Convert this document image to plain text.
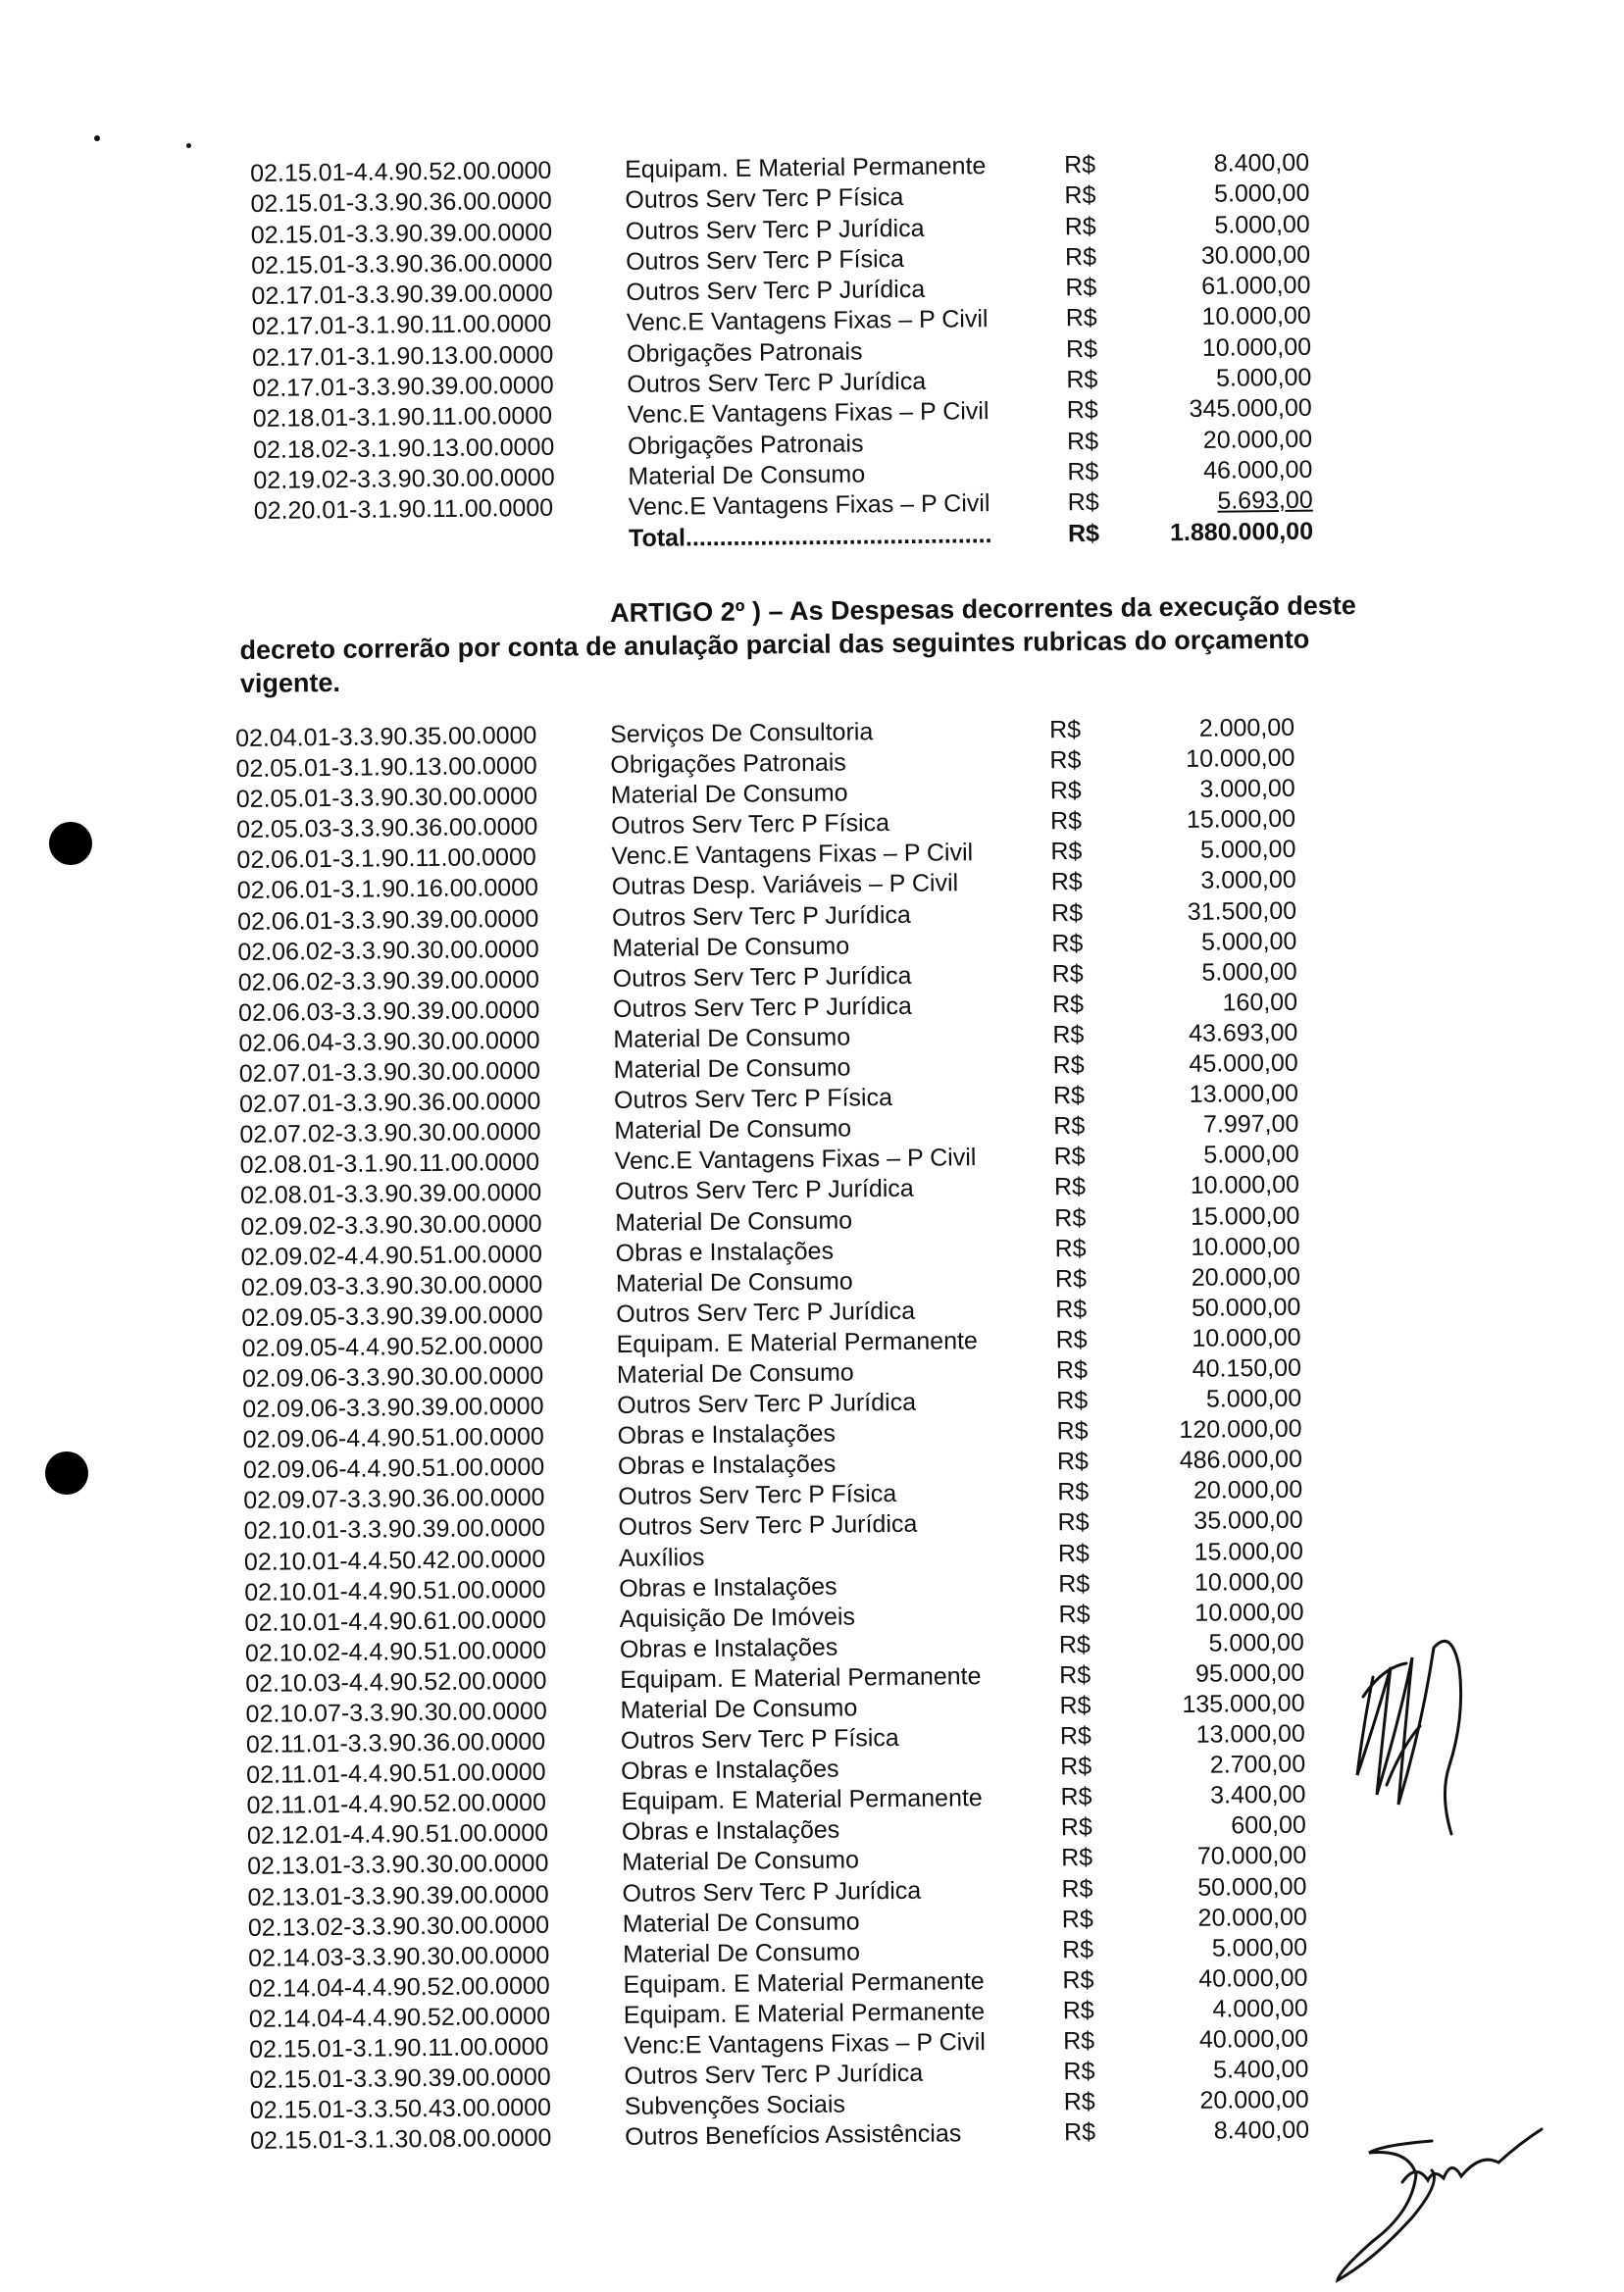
02.15.01-4.4.90.52.00.0000	Equipam. E Material Permanente	R$	8.400,00
02.15.01-3.3.90.36.00.0000	Outros Serv Terc P Física	R$	5.000,00
02.15.01-3.3.90.39.00.0000	Outros Serv Terc P Jurídica	R$	5.000,00
02.15.01-3.3.90.36.00.0000	Outros Serv Terc P Física	R$	30.000,00
02.17.01-3.3.90.39.00.0000	Outros Serv Terc P Jurídica	R$	61.000,00
02.17.01-3.1.90.11.00.0000	Venc.E Vantagens Fixas – P Civil	R$	10.000,00
02.17.01-3.1.90.13.00.0000	Obrigações Patronais	R$	10.000,00
02.17.01-3.3.90.39.00.0000	Outros Serv Terc P Jurídica	R$	5.000,00
02.18.01-3.1.90.11.00.0000	Venc.E Vantagens Fixas – P Civil	R$	345.000,00
02.18.02-3.1.90.13.00.0000	Obrigações Patronais	R$	20.000,00
02.19.02-3.3.90.30.00.0000	Material De Consumo	R$	46.000,00
02.20.01-3.1.90.11.00.0000	Venc.E Vantagens Fixas – P Civil	R$	5.693,00
Total.............................................	R$	1.880.000,00
ARTIGO 2º ) – As Despesas decorrentes da execução deste
decreto correrão por conta de anulação parcial das seguintes rubricas do orçamento
vigente.
02.04.01-3.3.90.35.00.0000	Serviços De Consultoria	R$	2.000,00
02.05.01-3.1.90.13.00.0000	Obrigações Patronais	R$	10.000,00
02.05.01-3.3.90.30.00.0000	Material De Consumo	R$	3.000,00
02.05.03-3.3.90.36.00.0000	Outros Serv Terc P Física	R$	15.000,00
02.06.01-3.1.90.11.00.0000	Venc.E Vantagens Fixas – P Civil	R$	5.000,00
02.06.01-3.1.90.16.00.0000	Outras Desp. Variáveis – P Civil	R$	3.000,00
02.06.01-3.3.90.39.00.0000	Outros Serv Terc P Jurídica	R$	31.500,00
02.06.02-3.3.90.30.00.0000	Material De Consumo	R$	5.000,00
02.06.02-3.3.90.39.00.0000	Outros Serv Terc P Jurídica	R$	5.000,00
02.06.03-3.3.90.39.00.0000	Outros Serv Terc P Jurídica	R$	160,00
02.06.04-3.3.90.30.00.0000	Material De Consumo	R$	43.693,00
02.07.01-3.3.90.30.00.0000	Material De Consumo	R$	45.000,00
02.07.01-3.3.90.36.00.0000	Outros Serv Terc P Física	R$	13.000,00
02.07.02-3.3.90.30.00.0000	Material De Consumo	R$	7.997,00
02.08.01-3.1.90.11.00.0000	Venc.E Vantagens Fixas – P Civil	R$	5.000,00
02.08.01-3.3.90.39.00.0000	Outros Serv Terc P Jurídica	R$	10.000,00
02.09.02-3.3.90.30.00.0000	Material De Consumo	R$	15.000,00
02.09.02-4.4.90.51.00.0000	Obras e Instalações	R$	10.000,00
02.09.03-3.3.90.30.00.0000	Material De Consumo	R$	20.000,00
02.09.05-3.3.90.39.00.0000	Outros Serv Terc P Jurídica	R$	50.000,00
02.09.05-4.4.90.52.00.0000	Equipam. E Material Permanente	R$	10.000,00
02.09.06-3.3.90.30.00.0000	Material De Consumo	R$	40.150,00
02.09.06-3.3.90.39.00.0000	Outros Serv Terc P Jurídica	R$	5.000,00
02.09.06-4.4.90.51.00.0000	Obras e Instalações	R$	120.000,00
02.09.06-4.4.90.51.00.0000	Obras e Instalações	R$	486.000,00
02.09.07-3.3.90.36.00.0000	Outros Serv Terc P Física	R$	20.000,00
02.10.01-3.3.90.39.00.0000	Outros Serv Terc P Jurídica	R$	35.000,00
02.10.01-4.4.50.42.00.0000	Auxílios	R$	15.000,00
02.10.01-4.4.90.51.00.0000	Obras e Instalações	R$	10.000,00
02.10.01-4.4.90.61.00.0000	Aquisição De Imóveis	R$	10.000,00
02.10.02-4.4.90.51.00.0000	Obras e Instalações	R$	5.000,00
02.10.03-4.4.90.52.00.0000	Equipam. E Material Permanente	R$	95.000,00
02.10.07-3.3.90.30.00.0000	Material De Consumo	R$	135.000,00
02.11.01-3.3.90.36.00.0000	Outros Serv Terc P Física	R$	13.000,00
02.11.01-4.4.90.51.00.0000	Obras e Instalações	R$	2.700,00
02.11.01-4.4.90.52.00.0000	Equipam. E Material Permanente	R$	3.400,00
02.12.01-4.4.90.51.00.0000	Obras e Instalações	R$	600,00
02.13.01-3.3.90.30.00.0000	Material De Consumo	R$	70.000,00
02.13.01-3.3.90.39.00.0000	Outros Serv Terc P Jurídica	R$	50.000,00
02.13.02-3.3.90.30.00.0000	Material De Consumo	R$	20.000,00
02.14.03-3.3.90.30.00.0000	Material De Consumo	R$	5.000,00
02.14.04-4.4.90.52.00.0000	Equipam. E Material Permanente	R$	40.000,00
02.14.04-4.4.90.52.00.0000	Equipam. E Material Permanente	R$	4.000,00
02.15.01-3.1.90.11.00.0000	Venc:E Vantagens Fixas – P Civil	R$	40.000,00
02.15.01-3.3.90.39.00.0000	Outros Serv Terc P Jurídica	R$	5.400,00
02.15.01-3.3.50.43.00.0000	Subvenções Sociais	R$	20.000,00
02.15.01-3.1.30.08.00.0000	Outros Benefícios Assistências	R$	8.400,00
